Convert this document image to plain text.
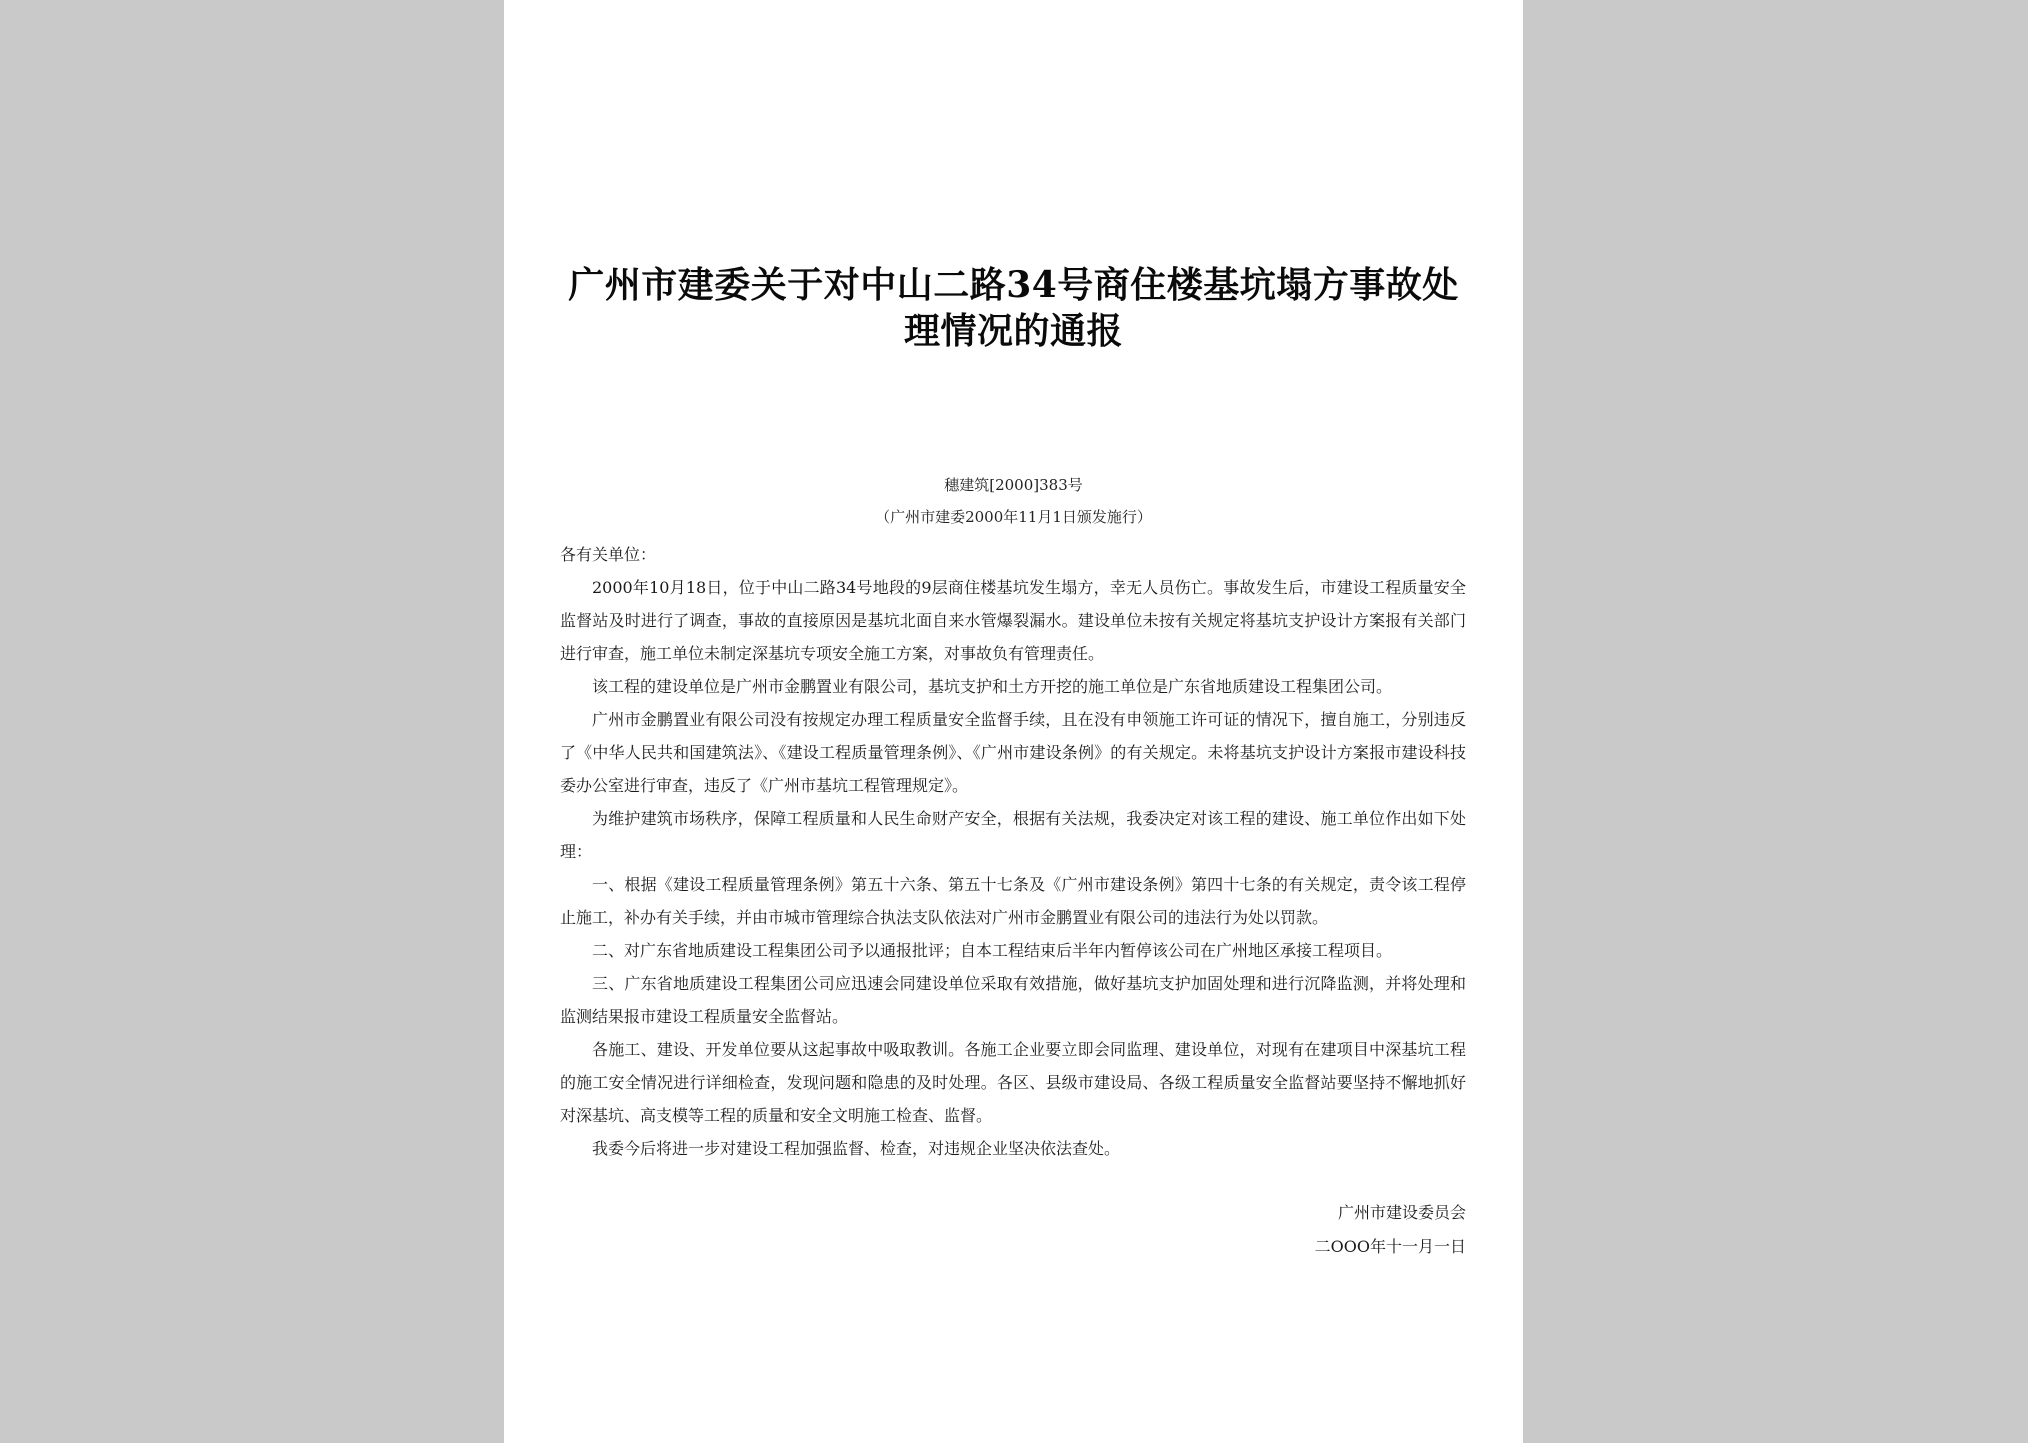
广州市建委关于对中山二路34号商住楼基坑塌方事故处
理情况的通报
穗建筑[2000]383号
（广州市建委2000年11月1日颁发施行）

各有关单位：

2000年10月18日，位于中山二路34号地段的9层商住楼基坑发生塌方，幸无人员伤亡。事故发生后，市建设工程质量安全监督站及时进行了调查，事故的直接原因是基坑北面自来水管爆裂漏水。建设单位未按有关规定将基坑支护设计方案报有关部门进行审查，施工单位未制定深基坑专项安全施工方案，对事故负有管理责任。

该工程的建设单位是广州市金鹏置业有限公司，基坑支护和土方开挖的施工单位是广东省地质建设工程集团公司。

广州市金鹏置业有限公司没有按规定办理工程质量安全监督手续，且在没有申领施工许可证的情况下，擅自施工，分别违反了《中华人民共和国建筑法》、《建设工程质量管理条例》、《广州市建设条例》的有关规定。未将基坑支护设计方案报市建设科技委办公室进行审查，违反了《广州市基坑工程管理规定》。

为维护建筑市场秩序，保障工程质量和人民生命财产安全，根据有关法规，我委决定对该工程的建设、施工单位作出如下处理：

一、根据《建设工程质量管理条例》第五十六条、第五十七条及《广州市建设条例》第四十七条的有关规定，责令该工程停止施工，补办有关手续，并由市城市管理综合执法支队依法对广州市金鹏置业有限公司的违法行为处以罚款。

二、对广东省地质建设工程集团公司予以通报批评；自本工程结束后半年内暂停该公司在广州地区承接工程项目。

三、广东省地质建设工程集团公司应迅速会同建设单位采取有效措施，做好基坑支护加固处理和进行沉降监测，并将处理和监测结果报市建设工程质量安全监督站。

各施工、建设、开发单位要从这起事故中吸取教训。各施工企业要立即会同监理、建设单位，对现有在建项目中深基坑工程的施工安全情况进行详细检查，发现问题和隐患的及时处理。各区、县级市建设局、各级工程质量安全监督站要坚持不懈地抓好对深基坑、高支模等工程的质量和安全文明施工检查、监督。

我委今后将进一步对建设工程加强监督、检查，对违规企业坚决依法查处。

广州市建设委员会
二OOO年十一月一日
